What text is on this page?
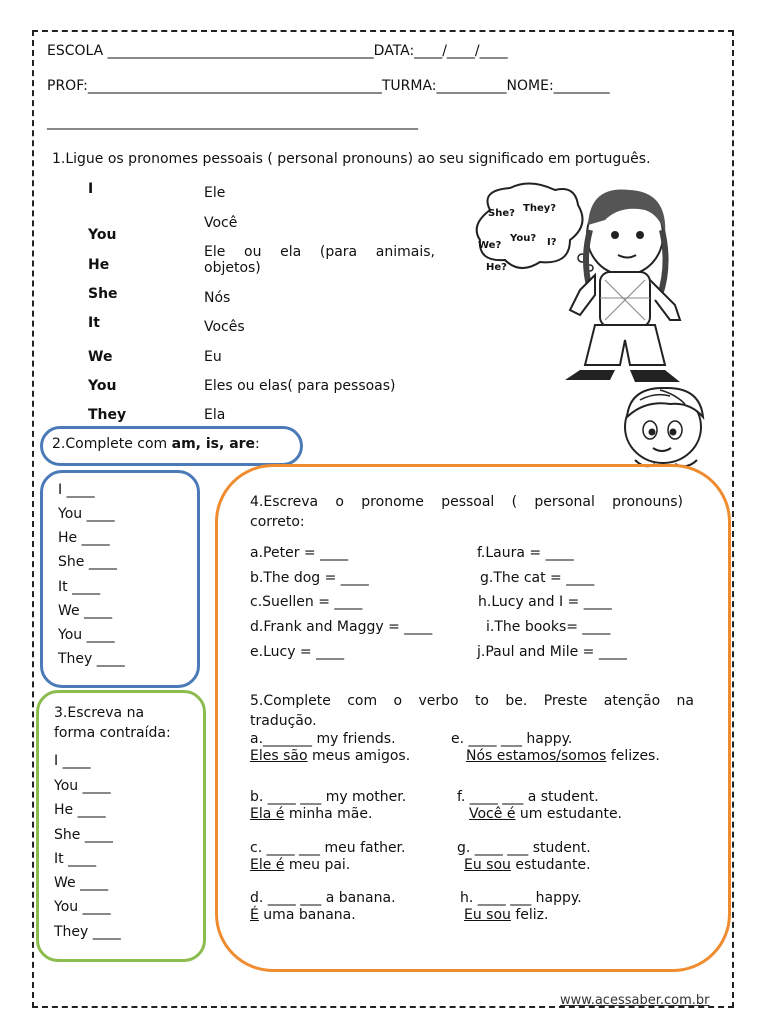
ESCOLA ______________________________________DATA:____/____/____
PROF:__________________________________________TURMA:__________NOME:________
_____________________________________________________
1.Ligue os pronomes pessoais ( personal pronouns) ao seu significado em português.
I
You
He
She
It
We
You
They
Ele
Você
Ele ou ela (para animais, objetos)
Nós
Vocês
Eu
Eles ou elas( para pessoas)
Ela
She? They?
We?
You? I?
He?
2.Complete com am, is, are:
I ____
You ____
He ____
She ____
It ____
We ____
You ____
They ____
3.Escreva na
forma contraída:
I ____
You ____
He ____
She ____
It ____
We ____
You ____
They ____
4.Escreva o pronome pessoal ( personal pronouns)
correto:
a.Peter = ____
b.The dog = ____
c.Suellen = ____
d.Frank and Maggy = ____
e.Lucy = ____
f.Laura = ____
g.The cat = ____
h.Lucy and I = ____
i.The books= ____
j.Paul and Mile = ____
5.Complete com o verbo to be. Preste atenção na
tradução.
a._______ my friends.
Eles são meus amigos.
b. ____ ___ my mother.
Ela é minha mãe.
c. ____ ___ meu father.
Ele é meu pai.
d. ____ ___ a banana.
É uma banana.
e. ____ ___ happy.
Nós estamos/somos felizes.
f. ____ ___ a student.
Você é um estudante.
g. ____ ___ student.
Eu sou estudante.
h. ____ ___ happy.
Eu sou feliz.
www.acessaber.com.br
